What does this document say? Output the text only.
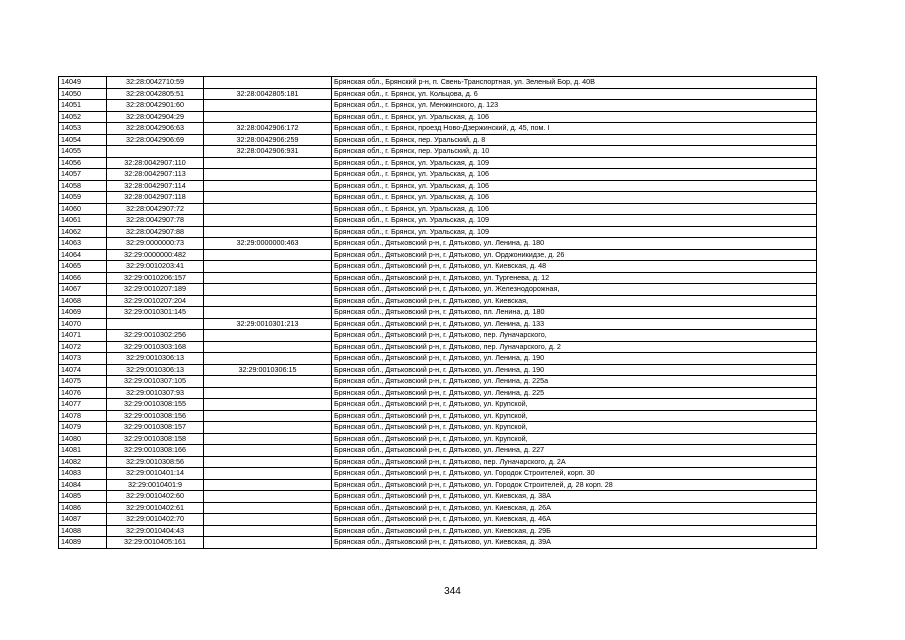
14049	32:28:0042710:59		Брянская обл., Брянский р-н, п. Свень-Транспортная, ул. Зеленый Бор, д. 40В
14050	32:28:0042805:51	32:28:0042805:181	Брянская обл., г. Брянск, ул. Кольцова, д. 6
14051	32:28:0042901:60		Брянская обл., г. Брянск, ул. Менжинского, д. 123
14052	32:28:0042904:29		Брянская обл., г. Брянск, ул. Уральская, д. 106
14053	32:28:0042906:63	32:28:0042906:172	Брянская обл., г. Брянск, проезд Ново-Дзержинский, д. 45, пом. I
14054	32:28:0042906:69	32:28:0042906:259	Брянская обл., г. Брянск, пер. Уральский, д. 8
14055		32:28:0042906:931	Брянская обл., г. Брянск, пер. Уральский, д. 10
14056	32:28:0042907:110		Брянская обл., г. Брянск, ул. Уральская, д. 109
14057	32:28:0042907:113		Брянская обл., г. Брянск, ул. Уральская, д. 106
14058	32:28:0042907:114		Брянская обл., г. Брянск, ул. Уральская, д. 106
14059	32:28:0042907:118		Брянская обл., г. Брянск, ул. Уральская, д. 106
14060	32:28:0042907:72		Брянская обл., г. Брянск, ул. Уральская, д. 106
14061	32:28:0042907:78		Брянская обл., г. Брянск, ул. Уральская, д. 109
14062	32:28:0042907:88		Брянская обл., г. Брянск, ул. Уральская, д. 109
14063	32:29:0000000:73	32:29:0000000:463	Брянская обл., Дятьковский р-н, г. Дятьково, ул. Ленина, д. 180
14064	32:29:0000000:482		Брянская обл., Дятьковский р-н, г. Дятьково, ул. Орджоникидзе, д. 26
14065	32:29:0010203:41		Брянская обл., Дятьковский р-н, г. Дятьково, ул. Киевская, д. 48
14066	32:29:0010206:157		Брянская обл., Дятьковский р-н, г. Дятьково, ул. Тургенева, д. 12
14067	32:29:0010207:189		Брянская обл., Дятьковский р-н, г. Дятьково, ул. Железнодорожная,
14068	32:29:0010207:204		Брянская обл., Дятьковский р-н, г. Дятьково, ул. Киевская,
14069	32:29:0010301:145		Брянская обл., Дятьковский р-н, г. Дятьково, пл. Ленина, д. 180
14070		32:29:0010301:213	Брянская обл., Дятьковский р-н, г. Дятьково, ул. Ленина, д. 133
14071	32:29:0010302:256		Брянская обл., Дятьковский р-н, г. Дятьково, пер. Луначарского,
14072	32:29:0010303:168		Брянская обл., Дятьковский р-н, г. Дятьково, пер. Луначарского, д. 2
14073	32:29:0010306:13		Брянская обл., Дятьковский р-н, г. Дятьково, ул. Ленина, д. 190
14074	32:29:0010306:13	32:29:0010306:15	Брянская обл., Дятьковский р-н, г. Дятьково, ул. Ленина, д. 190
14075	32:29:0010307:105		Брянская обл., Дятьковский р-н, г. Дятьково, ул. Ленина, д. 225а
14076	32:29:0010307:93		Брянская обл., Дятьковский р-н, г. Дятьково, ул. Ленина, д. 225
14077	32:29:0010308:155		Брянская обл., Дятьковский р-н, г. Дятьково, ул. Крупской,
14078	32:29:0010308:156		Брянская обл., Дятьковский р-н, г. Дятьково, ул. Крупской,
14079	32:29:0010308:157		Брянская обл., Дятьковский р-н, г. Дятьково, ул. Крупской,
14080	32:29:0010308:158		Брянская обл., Дятьковский р-н, г. Дятьково, ул. Крупской,
14081	32:29:0010308:166		Брянская обл., Дятьковский р-н, г. Дятьково, ул. Ленина, д. 227
14082	32:29:0010308:56		Брянская обл., Дятьковский р-н, г. Дятьково, пер. Луначарского, д. 2А
14083	32:29:0010401:14		Брянская обл., Дятьковский р-н, г. Дятьково, ул. Городок Строителей, корп. 30
14084	32:29:0010401:9		Брянская обл., Дятьковский р-н, г. Дятьково, ул. Городок Строителей, д. 28 корп. 28
14085	32:29:0010402:60		Брянская обл., Дятьковский р-н, г. Дятьково, ул. Киевская, д. 38А
14086	32:29:0010402:61		Брянская обл., Дятьковский р-н, г. Дятьково, ул. Киевская, д. 26А
14087	32:29:0010402:70		Брянская обл., Дятьковский р-н, г. Дятьково, ул. Киевская, д. 46А
14088	32:29:0010404:43		Брянская обл., Дятьковский р-н, г. Дятьково, ул. Киевская, д. 29Б
14089	32:29:0010405:161		Брянская обл., Дятьковский р-н, г. Дятьково, ул. Киевская, д. 39А
344
